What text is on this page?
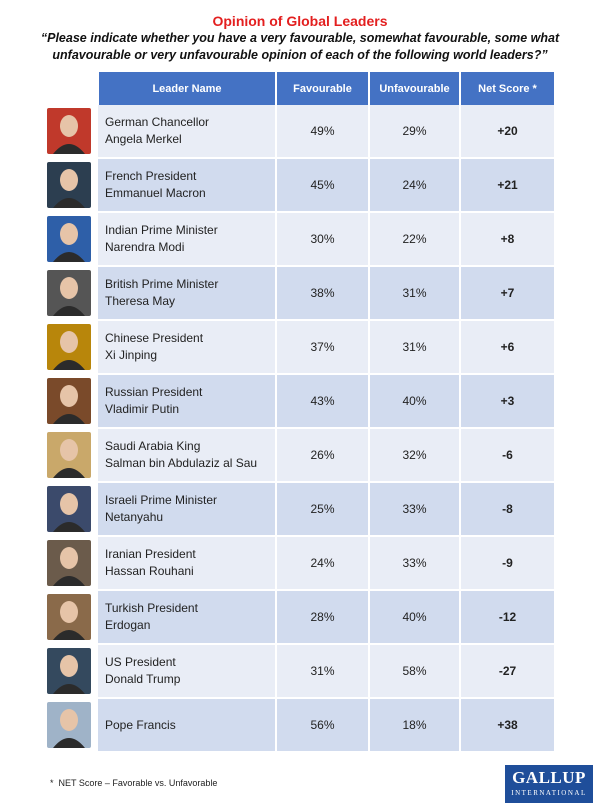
Opinion of Global Leaders
“Please indicate whether you have a very favourable, somewhat favourable, some what unfavourable or very unfavourable opinion of each of the following world leaders?”
	Leader Name	Favourable	Unfavourable	Net Score *

German Chancellor
Angela Merkel	49%	29%	+20

French President
Emmanuel Macron	45%	24%	+21

Indian Prime Minister
Narendra Modi	30%	22%	+8

British Prime Minister
Theresa May	38%	31%	+7

Chinese President
Xi Jinping	37%	31%	+6

Russian President
Vladimir Putin	43%	40%	+3

Saudi Arabia King
Salman bin Abdulaziz al Sau	26%	32%	-6

Israeli Prime Minister
Netanyahu	25%	33%	-8

Iranian President
Hassan Rouhani	24%	33%	-9

Turkish President
Erdogan	28%	40%	-12

US President
Donald Trump	31%	58%	-27

Pope Francis	56%	18%	+38
*  NET Score – Favorable vs. Unfavorable	GALLUP
INTERNATIONAL
